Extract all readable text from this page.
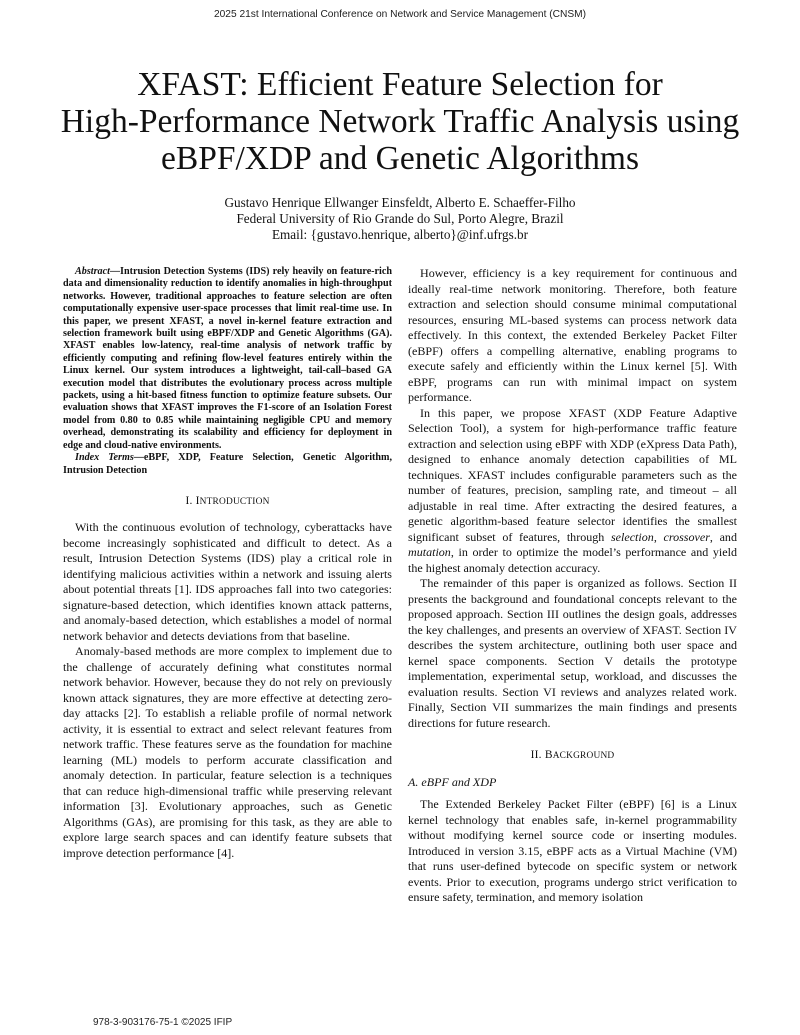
2025 21st International Conference on Network and Service Management (CNSM)
XFAST: Efficient Feature Selection for
High-Performance Network Traffic Analysis using
eBPF/XDP and Genetic Algorithms
Gustavo Henrique Ellwanger Einsfeldt, Alberto E. Schaeffer-Filho
Federal University of Rio Grande do Sul, Porto Alegre, Brazil
Email: {gustavo.henrique, alberto}@inf.ufrgs.br

Abstract—Intrusion Detection Systems (IDS) rely heavily on feature-rich data and dimensionality reduction to identify anomalies in high-throughput networks. However, traditional approaches to feature selection are often computationally expensive user-space processes that limit real-time use. In this paper, we present XFAST, a novel in-kernel feature extraction and selection framework built using eBPF/XDP and Genetic Algorithms (GA). XFAST enables low-latency, real-time analysis of network traffic by efficiently computing and refining flow-level features entirely within the Linux kernel. Our system introduces a lightweight, tail-call–based GA execution model that distributes the evolutionary process across multiple packets, using a hit-based fitness function to optimize feature subsets. Our evaluation shows that XFAST improves the F1-score of an Isolation Forest model from 0.80 to 0.85 while maintaining negligible CPU and memory overhead, demonstrating its scalability and efficiency for deployment in edge and cloud-native environments.

Index Terms—eBPF, XDP, Feature Selection, Genetic Algorithm, Intrusion Detection

I. INTRODUCTION

With the continuous evolution of technology, cyberattacks have become increasingly sophisticated and difficult to detect. As a result, Intrusion Detection Systems (IDS) play a critical role in identifying malicious activities within a network and issuing alerts about potential threats [1]. IDS approaches fall into two categories: signature-based detection, which identifies known attack patterns, and anomaly-based detection, which establishes a model of normal network behavior and detects deviations from that baseline.

Anomaly-based methods are more complex to implement due to the challenge of accurately defining what constitutes normal network behavior. However, because they do not rely on previously known attack signatures, they are more effective at detecting zero-day attacks [2]. To establish a reliable profile of normal network activity, it is essential to extract and select relevant features from network traffic. These features serve as the foundation for machine learning (ML) models to perform accurate classification and anomaly detection. In particular, feature selection is a techniques that can reduce high-dimensional traffic while preserving relevant information [3]. Evolutionary approaches, such as Genetic Algorithms (GAs), are promising for this task, as they are able to explore large search spaces and can identify feature subsets that improve detection performance [4].

However, efficiency is a key requirement for continuous and ideally real-time network monitoring. Therefore, both feature extraction and selection should consume minimal computational resources, ensuring ML-based systems can process network data effectively. In this context, the extended Berkeley Packet Filter (eBPF) offers a compelling alternative, enabling programs to execute safely and efficiently within the Linux kernel [5]. With eBPF, programs can run with minimal impact on system performance.

In this paper, we propose XFAST (XDP Feature Adaptive Selection Tool), a system for high-performance traffic feature extraction and selection using eBPF with XDP (eXpress Data Path), designed to enhance anomaly detection capabilities of ML techniques. XFAST includes configurable parameters such as the number of features, precision, sampling rate, and timeout – all adjustable in real time. After extracting the desired features, a genetic algorithm-based feature selector identifies the smallest significant subset of features, through selection, crossover, and mutation, in order to optimize the model’s performance and yield the highest anomaly detection accuracy.

The remainder of this paper is organized as follows. Section II presents the background and foundational concepts relevant to the proposed approach. Section III outlines the design goals, addresses the key challenges, and presents an overview of XFAST. Section IV describes the system architecture, outlining both user space and kernel space components. Section V details the prototype implementation, experimental setup, workload, and discusses the evaluation results. Section VI reviews and analyzes related work. Finally, Section VII summarizes the main findings and presents directions for future research.

II. BACKGROUND

A. eBPF and XDP

The Extended Berkeley Packet Filter (eBPF) [6] is a Linux kernel technology that enables safe, in-kernel programmability without modifying kernel source code or inserting modules. Introduced in version 3.15, eBPF acts as a Virtual Machine (VM) that runs user-defined bytecode on specific system or network events. Prior to execution, programs undergo strict verification to ensure safety, termination, and memory isolation

978-3-903176-75-1 ©2025 IFIP
